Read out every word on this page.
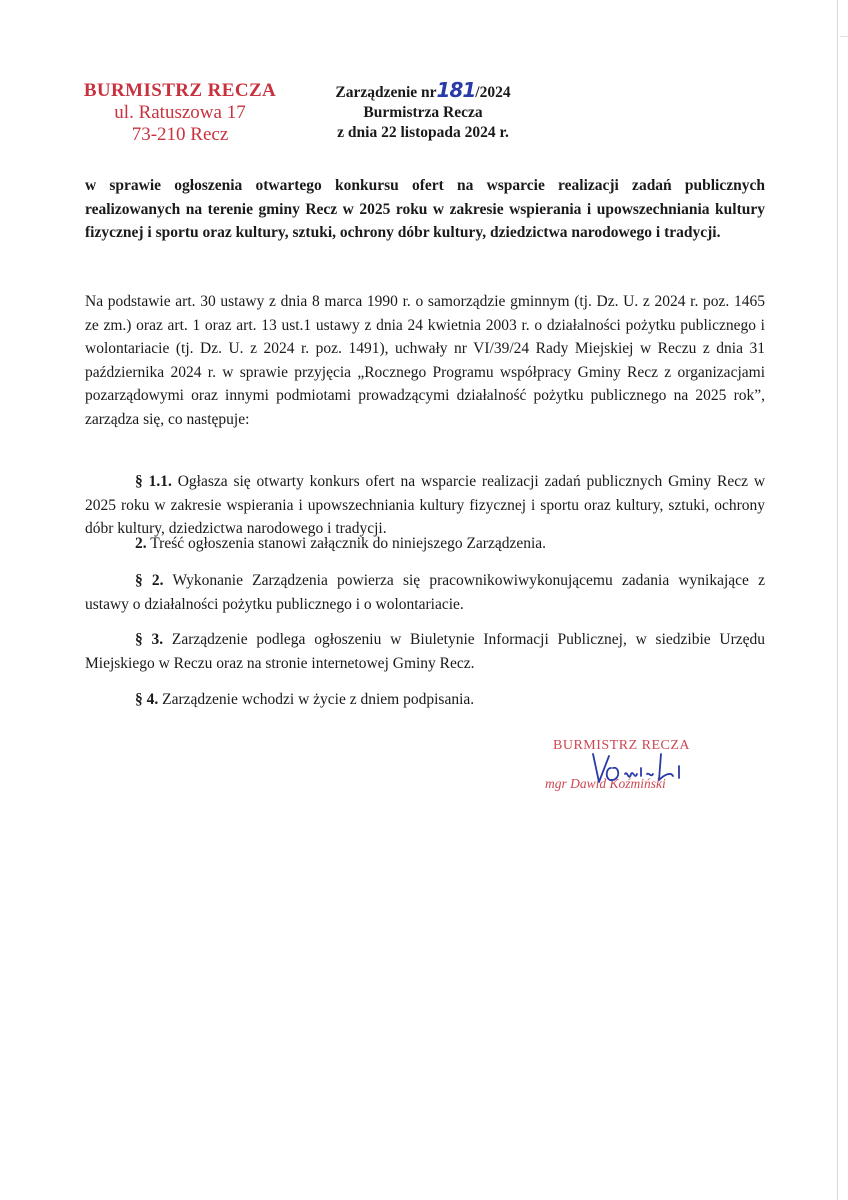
BURMISTRZ RECZA
ul. Ratuszowa 17
73-210 Recz
Zarządzenie nr181/2024
Burmistrza Recza
z dnia 22 listopada 2024 r.
w sprawie ogłoszenia otwartego konkursu ofert na wsparcie realizacji zadań publicznych realizowanych na terenie gminy Recz w 2025 roku w zakresie wspierania i upowszechniania kultury fizycznej i sportu oraz kultury, sztuki, ochrony dóbr kultury, dziedzictwa narodowego i tradycji.
Na podstawie art. 30 ustawy z dnia 8 marca 1990 r. o samorządzie gminnym (tj. Dz. U. z 2024 r. poz. 1465 ze zm.) oraz art. 1 oraz art. 13 ust.1 ustawy z dnia 24 kwietnia 2003 r. o działalności pożytku publicznego i wolontariacie (tj. Dz. U. z 2024 r. poz. 1491), uchwały nr VI/39/24 Rady Miejskiej w Reczu z dnia 31 października 2024 r. w sprawie przyjęcia „Rocznego Programu współpracy Gminy Recz z organizacjami pozarządowymi oraz innymi podmiotami prowadzącymi działalność pożytku publicznego na 2025 rok”, zarządza się, co następuje:
§ 1.1. Ogłasza się otwarty konkurs ofert na wsparcie realizacji zadań publicznych Gminy Recz w 2025 roku w zakresie wspierania i upowszechniania kultury fizycznej i sportu oraz kultury, sztuki, ochrony dóbr kultury, dziedzictwa narodowego i tradycji.
2. Treść ogłoszenia stanowi załącznik do niniejszego Zarządzenia.
§ 2. Wykonanie Zarządzenia powierza się pracownikowiwykonującemu zadania wynikające z ustawy o działalności pożytku publicznego i o wolontariacie.
§ 3. Zarządzenie podlega ogłoszeniu w Biuletynie Informacji Publicznej, w siedzibie Urzędu Miejskiego w Reczu oraz na stronie internetowej Gminy Recz.
§ 4. Zarządzenie wchodzi w życie z dniem podpisania.
BURMISTRZ RECZA
mgr Dawid Koźmiński
